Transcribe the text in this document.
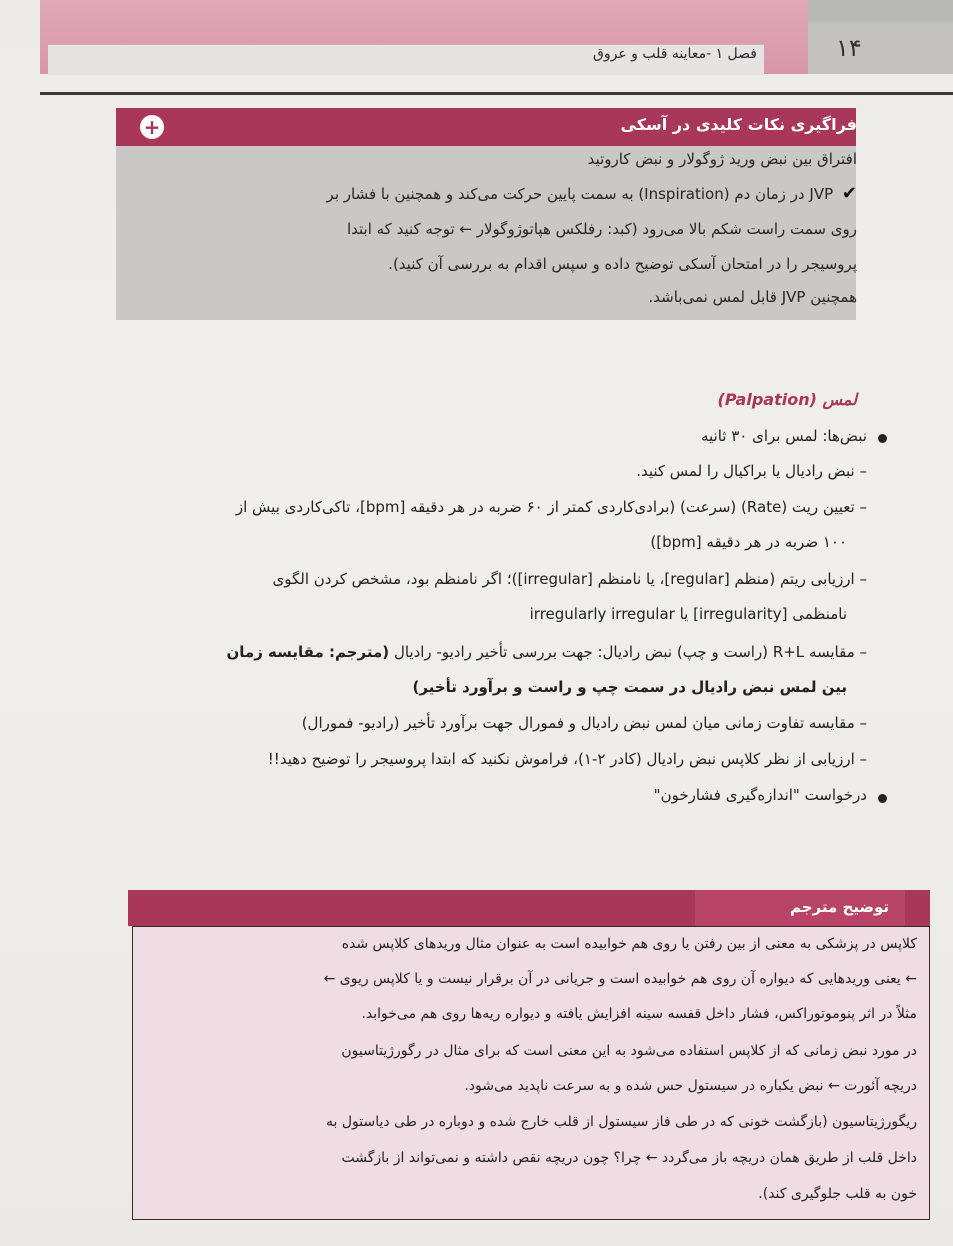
۱۴
فصل ۱ -معاینه قلب و عروق
فراگیری نکات کلیدی در آسکی
+
افتراق بین نبض ورید ژوگولار و نبض کاروتید
✔ JVP در زمان دم (Inspiration) به سمت پایین حرکت می‌کند و همچنین با فشار بر
روی سمت راست شکم بالا می‌رود (کبد: رفلکس هپاتوژوگولار ← توجه کنید که ابتدا
پروسیجر را در امتحان آسکی توضیح داده و سپس اقدام به بررسی آن کنید).
همچنین JVP قابل لمس نمی‌باشد.
لمس (Palpation)
نبض‌ها: لمس برای ۳۰ ثانیه
– نبض رادیال یا براکیال را لمس کنید.
– تعیین ریت (Rate) (سرعت) (برادی‌کاردی کمتر از ۶۰ ضربه در هر دقیقه [bpm]، تاکی‌کاردی بیش از
۱۰۰ ضربه در هر دقیقه [bpm])
– ارزیابی ریتم (منظم [regular]، یا نامنظم [irregular])؛ اگر نامنظم بود، مشخص کردن الگوی
نامنظمی [irregularity] یا irregularly irregular
– مقایسه R+L (راست و چپ) نبض رادیال: جهت بررسی تأخیر رادیو- رادیال (مترجم: مقایسه زمان
بین لمس نبض رادیال در سمت چپ و راست و برآورد تأخیر)
– مقایسه تفاوت زمانی میان لمس نبض رادیال و فمورال جهت برآورد تأخیر (رادیو- فمورال)
– ارزیابی از نظر کلاپس نبض رادیال (کادر ۲-۱)، فراموش نکنید که ابتدا پروسیجر را توضیح دهید!!
درخواست "اندازه‌گیری فشارخون"
توضیح مترجم
کلاپس در پزشکی به معنی از بین رفتن یا روی هم خوابیده است به عنوان مثال وریدهای کلاپس شده
← یعنی وریدهایی که دیواره آن روی هم خوابیده است و جریانی در آن برقرار نیست و یا کلاپس ریوی ←
مثلاً در اثر پنوموتوراکس، فشار داخل قفسه سینه افزایش یافته و دیواره ریه‌ها روی هم می‌خوابد.
در مورد نبض زمانی که از کلاپس استفاده می‌شود به این معنی است که برای مثال در رگورژیتاسیون
دریچه آئورت ← نبض یکباره در سیستول حس شده و به سرعت ناپدید می‌شود.
ریگورژیتاسیون (بازگشت خونی که در طی فاز سیستول از قلب خارج شده و دوباره در طی دیاستول به
داخل قلب از طریق همان دریچه باز می‌گردد ← چرا؟ چون دریچه نقص داشته و نمی‌تواند از بازگشت
خون به قلب جلوگیری کند).
